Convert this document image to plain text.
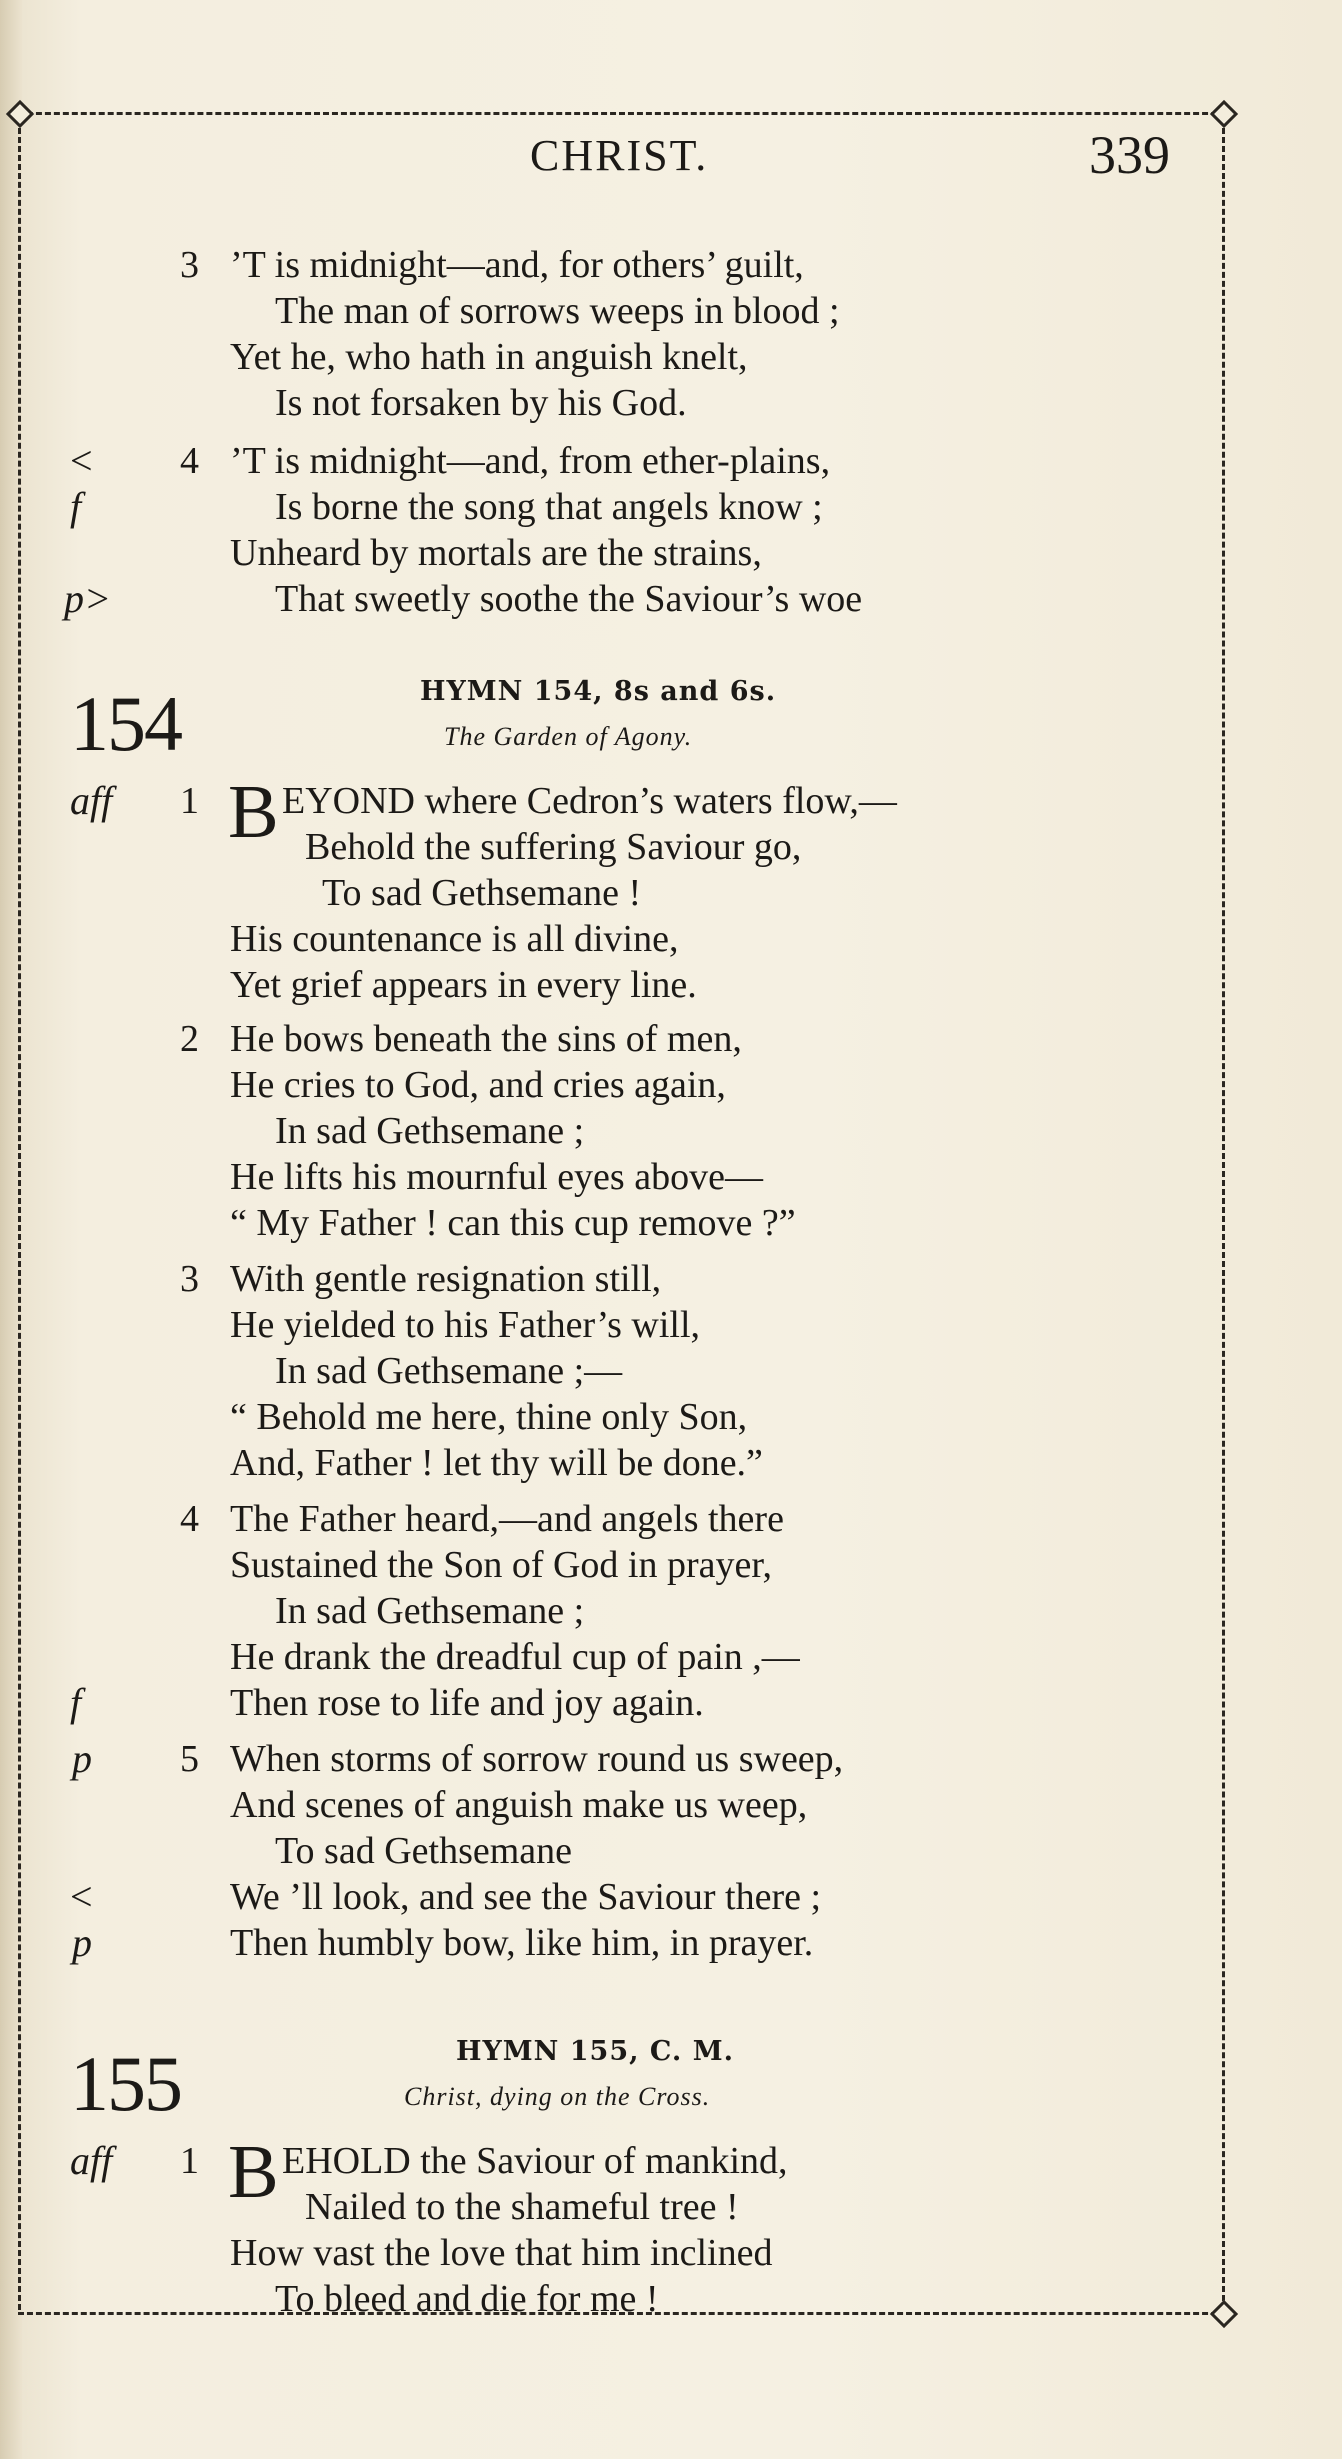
CHRIST.	339
3 ’T is midnight—and, for others’ guilt,
The man of sorrows weeps in blood ;
Yet he, who hath in anguish knelt,
Is not forsaken by his God.
< 4 ’T is midnight—and, from ether-plains,
f	Is borne the song that angels know ;
Unheard by mortals are the strains,
p>	That sweetly soothe the Saviour’s woe
154	HYMN 154, 8s and 6s.
The Garden of Agony.
aff 1 B EYOND where Cedron’s waters flow,—
Behold the suffering Saviour go,
To sad Gethsemane !
His countenance is all divine,
Yet grief appears in every line.
2 He bows beneath the sins of men,
He cries to God, and cries again,
In sad Gethsemane ;
He lifts his mournful eyes above—
“ My Father ! can this cup remove ?”
3 With gentle resignation still,
He yielded to his Father’s will,
In sad Gethsemane ;—
“ Behold me here, thine only Son,
And, Father ! let thy will be done.”
4 The Father heard,—and angels there
Sustained the Son of God in prayer,
In sad Gethsemane ;
He drank the dreadful cup of pain ,—
f	Then rose to life and joy again.
p 5 When storms of sorrow round us sweep,
And scenes of anguish make us weep,
To sad Gethsemane
<	We ’ll look, and see the Saviour there ;
p	Then humbly bow, like him, in prayer.
155	HYMN 155, C. M.
Christ, dying on the Cross.
aff 1 B EHOLD the Saviour of mankind,
Nailed to the shameful tree !
How vast the love that him inclined
To bleed and die for me !
